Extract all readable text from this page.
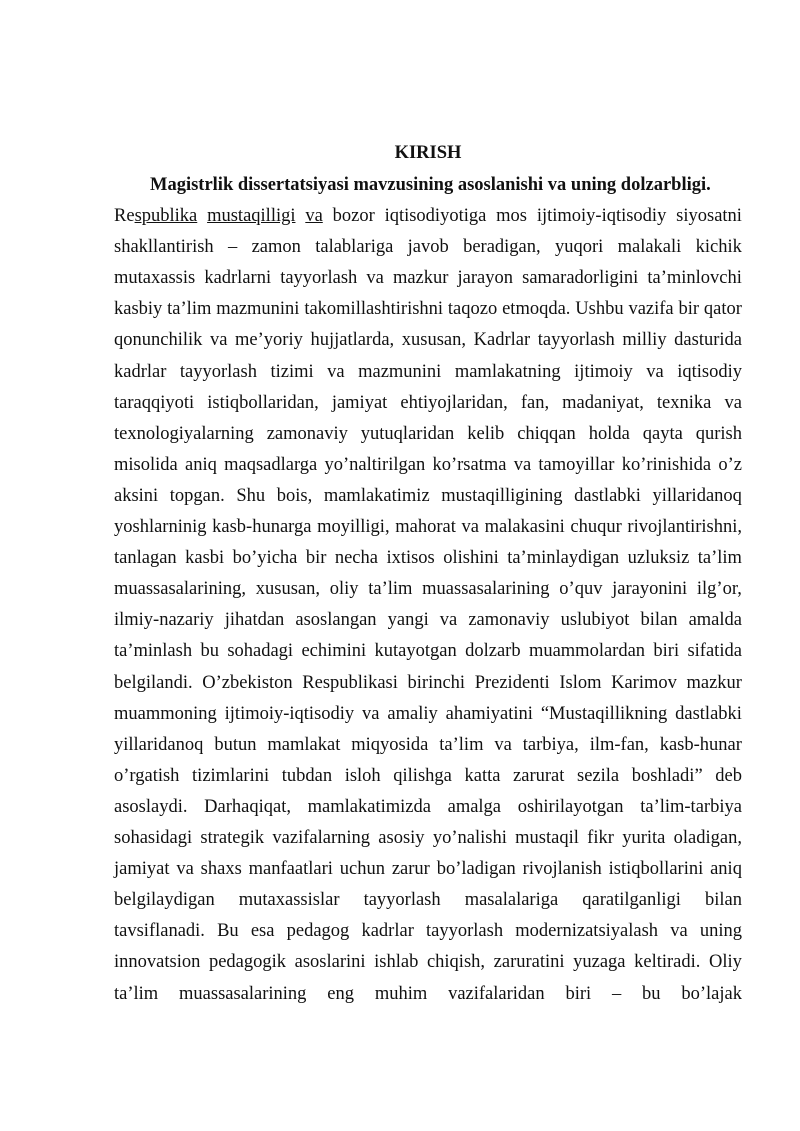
KIRISH
Magistrlik dissertatsiyasi mavzusining asoslanishi va uning dolzarbligi.
Respublika mustaqilligi va bozor iqtisodiyotiga mos ijtimoiy-iqtisodiy siyosatni
shakllantirish – zamon talablariga javob beradigan, yuqori malakali kichik
mutaxassis kadrlarni tayyorlash va mazkur jarayon samaradorligini ta’minlovchi
kasbiy ta’lim mazmunini takomillashtirishni taqozo etmoqda. Ushbu vazifa bir qator
qonunchilik va me’yoriy hujjatlarda, xususan, Kadrlar tayyorlash milliy dasturida
kadrlar tayyorlash tizimi va mazmunini mamlakatning ijtimoiy va iqtisodiy
taraqqiyoti istiqbollaridan, jamiyat ehtiyojlaridan, fan, madaniyat, texnika va
texnologiyalarning zamonaviy yutuqlaridan kelib chiqqan holda qayta qurish
misolida aniq maqsadlarga yo’naltirilgan ko’rsatma va tamoyillar ko’rinishida o’z
aksini topgan. Shu bois, mamlakatimiz mustaqilligining dastlabki yillaridanoq
yoshlarninig kasb-hunarga moyilligi, mahorat va malakasini chuqur rivojlantirishni,
tanlagan kasbi bo’yicha bir necha ixtisos olishini ta’minlaydigan uzluksiz ta’lim
muassasalarining, xususan, oliy ta’lim muassasalarining o’quv jarayonini ilg’or,
ilmiy-nazariy jihatdan asoslangan yangi va zamonaviy uslubiyot bilan amalda
ta’minlash bu sohadagi echimini kutayotgan dolzarb muammolardan biri sifatida
belgilandi. O’zbekiston Respublikasi birinchi Prezidenti Islom Karimov mazkur
muammoning ijtimoiy-iqtisodiy va amaliy ahamiyatini “Mustaqillikning dastlabki
yillaridanoq butun mamlakat miqyosida ta’lim va tarbiya, ilm-fan, kasb-hunar
o’rgatish tizimlarini tubdan isloh qilishga katta zarurat sezila boshladi” deb
asoslaydi. Darhaqiqat, mamlakatimizda amalga oshirilayotgan ta’lim-tarbiya
sohasidagi strategik vazifalarning asosiy yo’nalishi mustaqil fikr yurita oladigan,
jamiyat va shaxs manfaatlari uchun zarur bo’ladigan rivojlanish istiqbollarini aniq
belgilaydigan mutaxassislar tayyorlash masalalariga qaratilganligi bilan
tavsiflanadi. Bu esa pedagog kadrlar tayyorlash modernizatsiyalash va uning
innovatsion pedagogik asoslarini ishlab chiqish, zaruratini yuzaga keltiradi. Oliy
ta’lim muassasalarining eng muhim vazifalaridan biri – bu bo’lajak
